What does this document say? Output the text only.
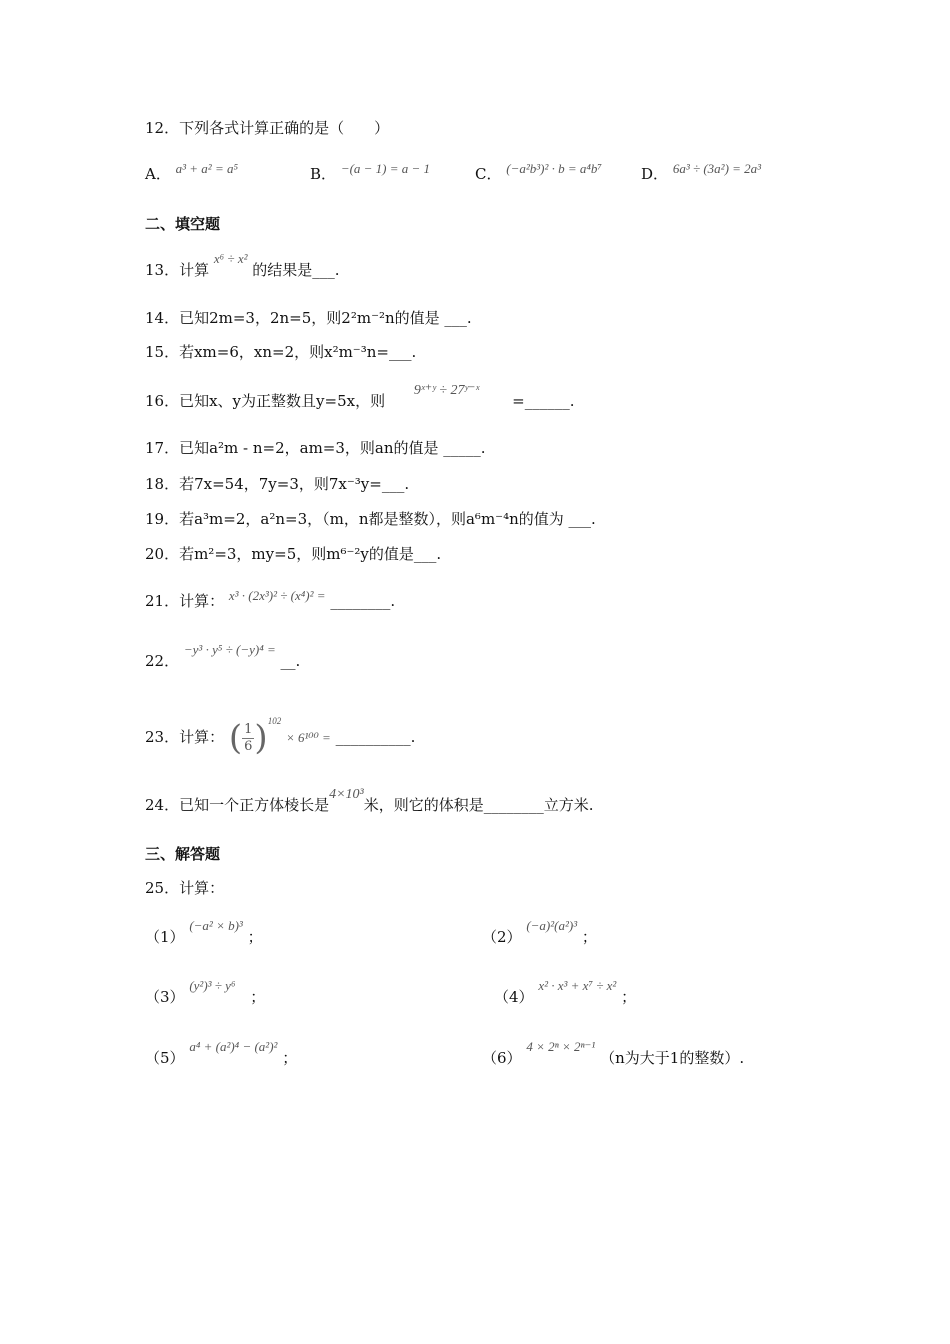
12．下列各式计算正确的是（　　）
A． a³ + a² = a⁵	B． −(a − 1) = a − 1	C． (−a²b³)² · b = a⁴b⁷	D． 6a³ ÷ (3a²) = 2a³
二、填空题
13．计算 x⁶ ÷ x² 的结果是___.
14．已知2m=3，2n=5，则2²m⁻²n的值是 ___.
15．若xm=6，xn=2，则x²m⁻³n=___.
16．已知x、y为正整数且y=5x，则 9ˣ⁺ʸ ÷ 27ʸ⁻ˣ =______.
17．已知a²m - n=2，am=3，则an的值是 _____.
18．若7x=54，7y=3，则7x⁻³y=___.
19．若a³m=2，a²n=3，（m，n都是整数），则a⁶m⁻⁴n的值为 ___.
20．若m²=3，my=5，则m⁶⁻²y的值是___.
21．计算： x³ · (2x³)² ÷ (x⁴)² = ________.
22． −y³ · y⁵ ÷ (−y)⁴ = __.
23．计算： ( $\frac{1}{6} )^{102} \times 6^{100}$ = __________.
24．已知一个正方体棱长是4×10³米，则它的体积是________立方米.
三、解答题
25．计算：
（1） (−a² × b)³ ；	（2） (−a)²(a²)³ ；
（3） (y²)³ ÷ y⁶ ；	（4） x² · x³ + x⁷ ÷ x² ；
（5） a⁴ + (a²)⁴ − (a²)² ；	（6） 4 × 2ⁿ × 2ⁿ⁻¹ （n为大于1的整数）.
